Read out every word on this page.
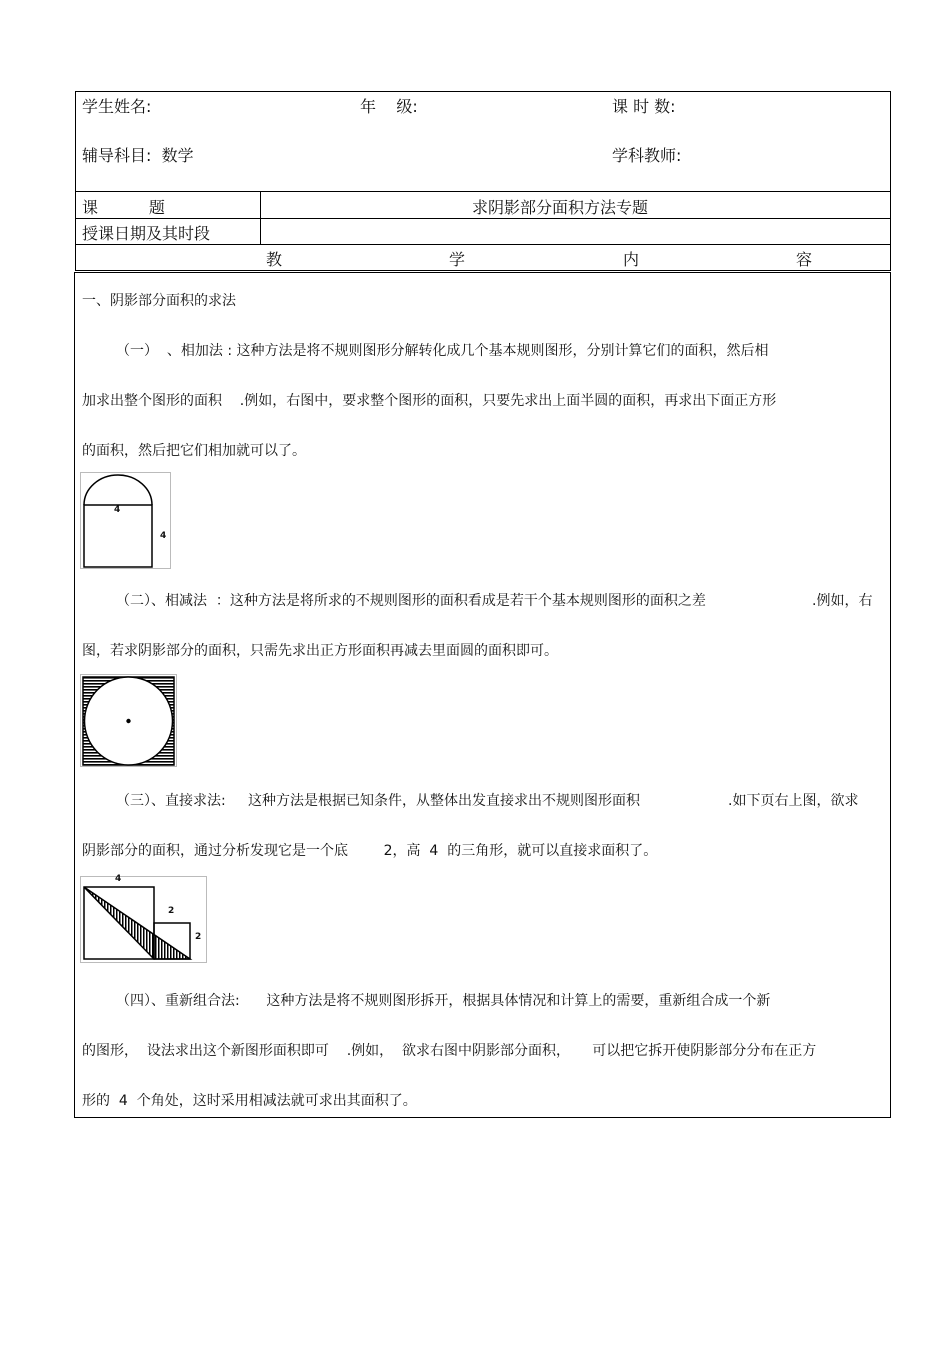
学生姓名:	年    级:	课 时 数:
辅导科目:  数学	学科教师:
课          题	求阴影部分面积方法专题
授课日期及其时段
教	学	内	容
一、阴影部分面积的求法
（一）  、相加法 : 这种方法是将不规则图形分解转化成几个基本规则图形，分别计算它们的面积，然后相
加求出整个图形的面积    .例如，右图中，要求整个图形的面积，只要先求出上面半圆的面积，再求出下面正方形
的面积，然后把它们相加就可以了。
4
4
（二）、相减法  ：这种方法是将所求的不规则图形的面积看成是若干个基本规则图形的面积之差	.例如，右
图，若求阴影部分的面积，只需先求出正方形面积再减去里面圆的面积即可。
（三）、直接求法:     这种方法是根据已知条件，从整体出发直接求出不规则图形面积	.如下页右上图，欲求
阴影部分的面积，通过分析发现它是一个底        2，高  4  的三角形，就可以直接求面积了。
4
2
2
（四）、重新组合法:      这种方法是将不规则图形拆开，根据具体情况和计算上的需要，重新组合成一个新
的图形，  设法求出这个新图形面积即可    .例如，  欲求右图中阴影部分面积，     可以把它拆开使阴影部分分布在正方
形的  4  个角处，这时采用相减法就可求出其面积了。
